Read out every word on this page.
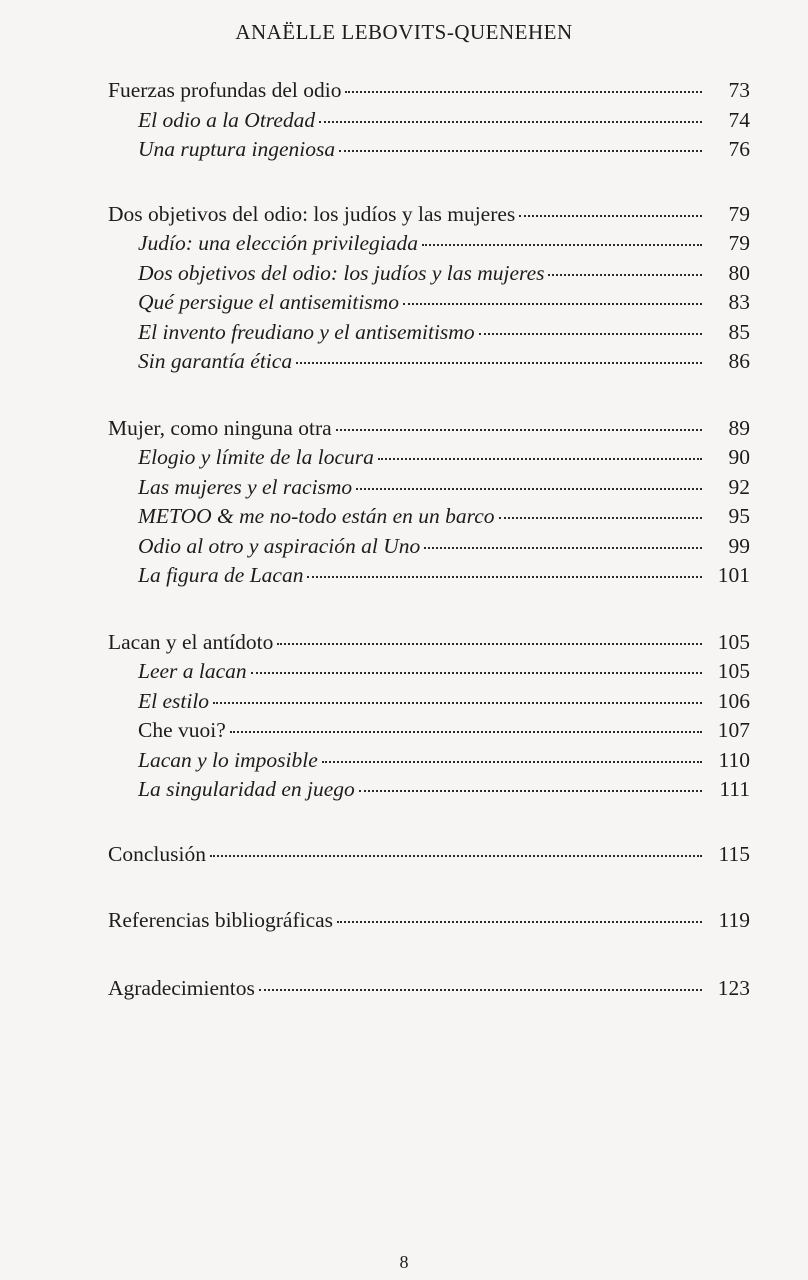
ANAËLLE LEBOVITS-QUENEHEN
Fuerzas profundas del odio	73
El odio a la Otredad	74
Una ruptura ingeniosa	76
Dos objetivos del odio: los judíos y las mujeres	79
Judío: una elección privilegiada	79
Dos objetivos del odio: los judíos y las mujeres	80
Qué persigue el antisemitismo	83
El invento freudiano y el antisemitismo	85
Sin garantía ética	86
Mujer, como ninguna otra	89
Elogio y límite de la locura	90
Las mujeres y el racismo	92
METOO & me no-todo están en un barco	95
Odio al otro y aspiración al Uno	99
La figura de Lacan	101
Lacan y el antídoto	105
Leer a lacan	105
El estilo	106
Che vuoi?	107
Lacan y lo imposible	110
La singularidad en juego	111
Conclusión	115
Referencias bibliográficas	119
Agradecimientos	123
8
